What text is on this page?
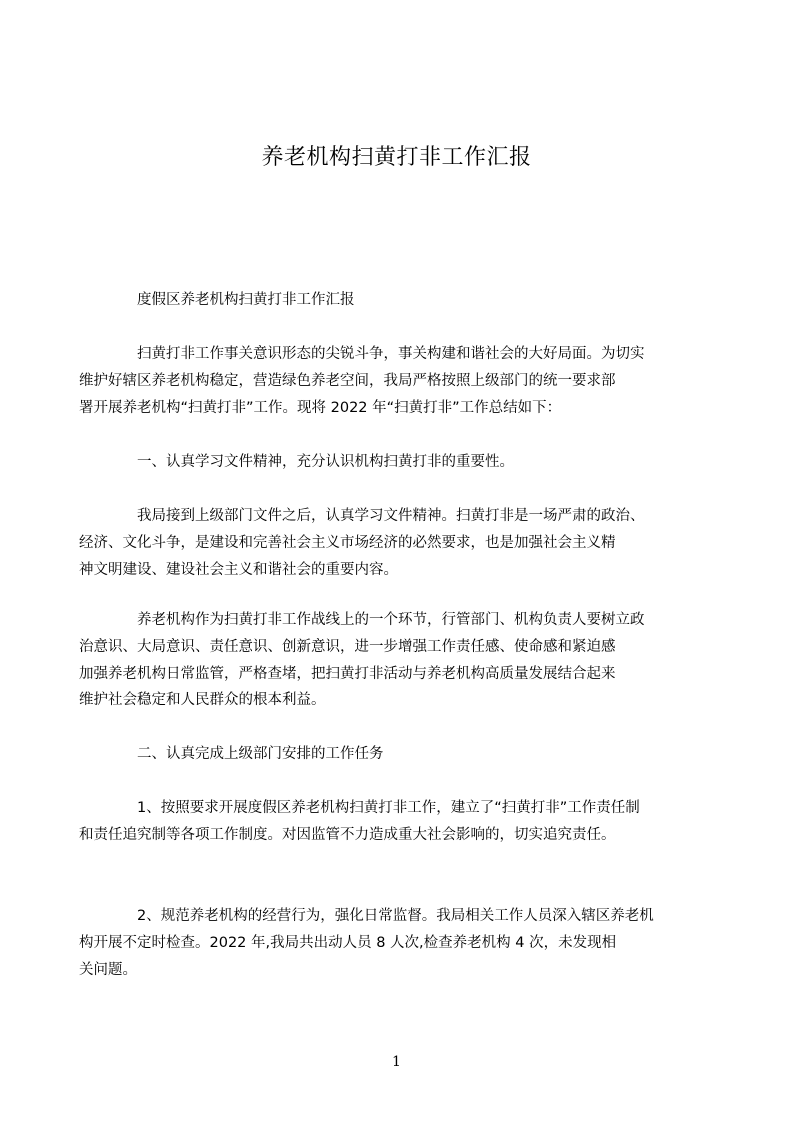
养老机构扫黄打非工作汇报

度假区养老机构扫黄打非工作汇报

扫黄打非工作事关意识形态的尖锐斗争，事关构建和谐社会的大好局面。为切实
维护好辖区养老机构稳定，营造绿色养老空间，我局严格按照上级部门的统一要求部
署开展养老机构“扫黄打非”工作。现将 2022 年“扫黄打非”工作总结如下：

一、认真学习文件精神，充分认识机构扫黄打非的重要性。

我局接到上级部门文件之后，认真学习文件精神。扫黄打非是一场严肃的政治、
经济、文化斗争，是建设和完善社会主义市场经济的必然要求，也是加强社会主义精
神文明建设、建设社会主义和谐社会的重要内容。

养老机构作为扫黄打非工作战线上的一个环节，行管部门、机构负责人要树立政
治意识、大局意识、责任意识、创新意识，进一步增强工作责任感、使命感和紧迫感
加强养老机构日常监管，严格查堵，把扫黄打非活动与养老机构高质量发展结合起来
维护社会稳定和人民群众的根本利益。

二、认真完成上级部门安排的工作任务

1、按照要求开展度假区养老机构扫黄打非工作，建立了“扫黄打非”工作责任制
和责任追究制等各项工作制度。对因监管不力造成重大社会影响的，切实追究责任。

2、规范养老机构的经营行为，强化日常监督。我局相关工作人员深入辖区养老机
构开展不定时检查。2022 年,我局共出动人员 8 人次,检查养老机构 4 次，未发现相
关问题。

1
